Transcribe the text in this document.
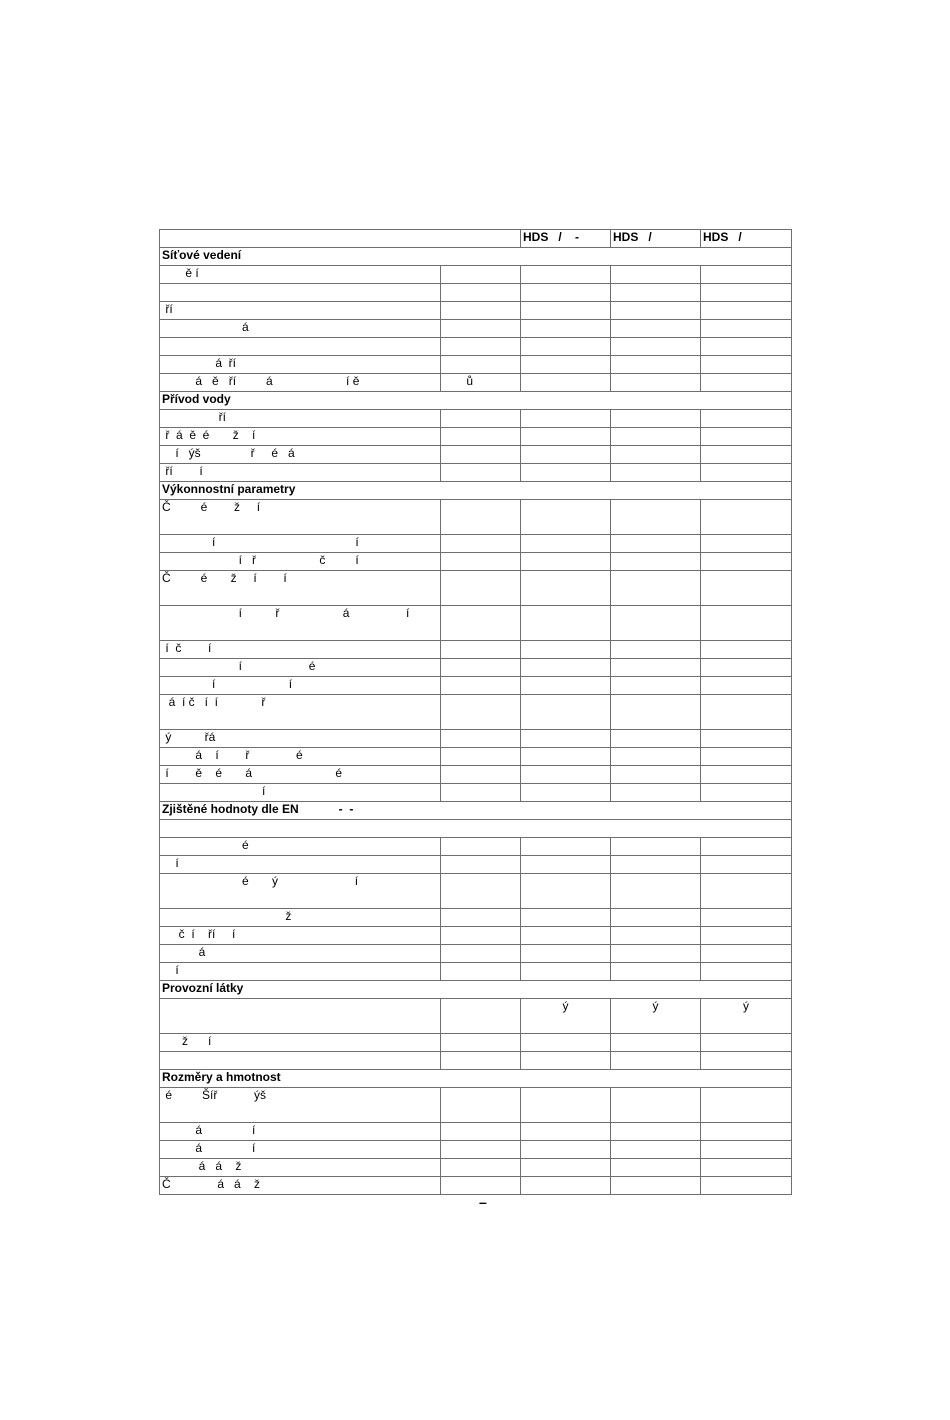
		HDS   /    -	HDS   /	HDS   /
Síťové vedení				
ě í				

ří				
á				

á  ří				
á   ě   ří         á                      í ě	ů			
Přívod vody				
ří				
ř  á  ě  é       ž    í				
í   ýš               ř     é   á				
ří        í				
Výkonnostní parametry				
Č         é        ž     í				
í                                          í				
í   ř                   č         í				
Č         é       ž     í        í				
í          ř                   á                 í				
í  č        í				
í                    é				
í                      í				
á  í č   í  í             ř				
ý          řá				
á    í        ř              é				
í        ě    é       á                         é				
í				
Zjištěné hodnoty dle EN            -  -				

é				
í				
é       ý                       í				
ž				
č  í    ří     í				
á				
í				
Provozní látky				
		ý	ý	ý
ž      í				

Rozměry a hmotnost				
é         Šíř           ýš				
á               í				
á               í				
á   á    ž				
Č              á   á    ž				
–
